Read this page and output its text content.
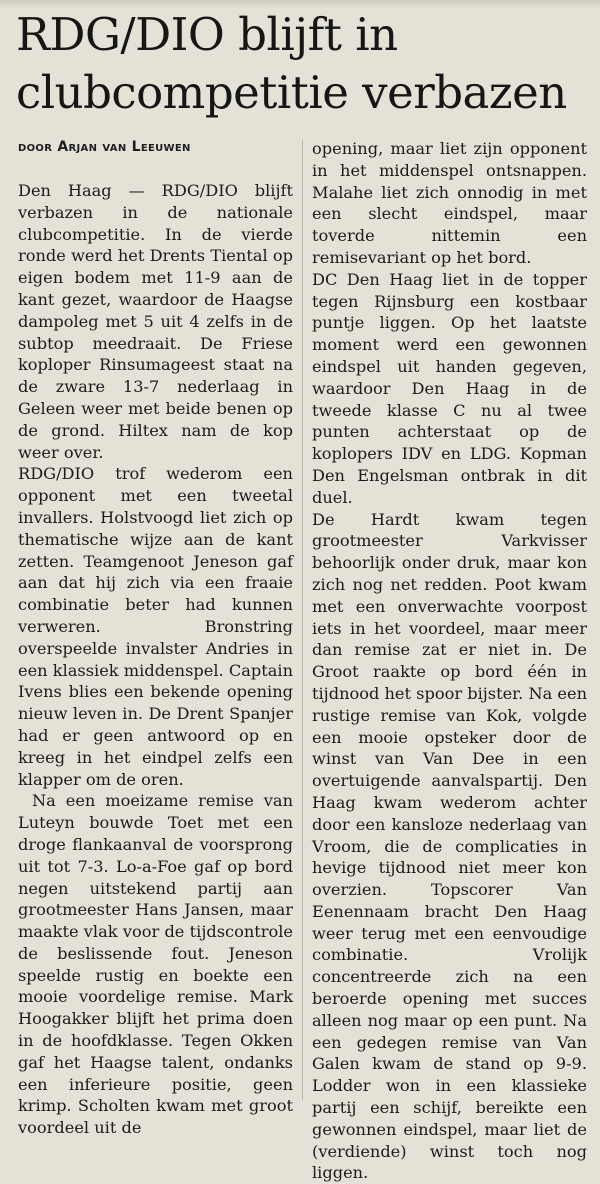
RDG/DIO blijft in clubcompetitie verbazen
door Arjan van Leeuwen

Den Haag — RDG/DIO blijft verbazen in de nationale clubcompetitie. In de vierde ronde werd het Drents Tiental op eigen bodem met 11-9 aan de kant gezet, waardoor de Haagse dampoleg met 5 uit 4 zelfs in de subtop meedraait. De Friese koploper Rinsumageest staat na de zware 13-7 nederlaag in Geleen weer met beide benen op de grond. Hiltex nam de kop weer over.

RDG/DIO trof wederom een opponent met een tweetal invallers. Holstvoogd liet zich op thematische wijze aan de kant zetten. Teamgenoot Jeneson gaf aan dat hij zich via een fraaie combinatie beter had kunnen verweren. Bronstring overspeelde invalster Andries in een klassiek middenspel. Captain Ivens blies een bekende opening nieuw leven in. De Drent Spanjer had er geen antwoord op en kreeg in het eindpel zelfs een klapper om de oren.

Na een moeizame remise van Luteyn bouwde Toet met een droge flankaanval de voorsprong uit tot 7-3. Lo-a-Foe gaf op bord negen uitstekend partij aan grootmeester Hans Jansen, maar maakte vlak voor de tijdscontrole de beslissende fout. Jeneson speelde rustig en boekte een mooie voordelige remise. Mark Hoogakker blijft het prima doen in de hoofdklasse. Tegen Okken gaf het Haagse talent, ondanks een inferieure positie, geen krimp. Scholten kwam met groot voordeel uit de

opening, maar liet zijn opponent in het middenspel ontsnappen. Malahe liet zich onnodig in met een slecht eindspel, maar toverde nittemin een remisevariant op het bord.

DC Den Haag liet in de topper tegen Rijnsburg een kostbaar puntje liggen. Op het laatste moment werd een gewonnen eindspel uit handen gegeven, waardoor Den Haag in de tweede klasse C nu al twee punten achterstaat op de koplopers IDV en LDG. Kopman Den Engelsman ontbrak in dit duel.

De Hardt kwam tegen grootmeester Varkvisser behoorlijk onder druk, maar kon zich nog net redden. Poot kwam met een onverwachte voorpost iets in het voordeel, maar meer dan remise zat er niet in. De Groot raakte op bord één in tijdnood het spoor bijster. Na een rustige remise van Kok, volgde een mooie opsteker door de winst van Van Dee in een overtuigende aanvalspartij. Den Haag kwam wederom achter door een kansloze nederlaag van Vroom, die de complicaties in hevige tijdnood niet meer kon overzien. Topscorer Van Eenennaam bracht Den Haag weer terug met een eenvoudige combinatie. Vrolijk concentreerde zich na een beroerde opening met succes alleen nog maar op een punt. Na een gedegen remise van Van Galen kwam de stand op 9-9. Lodder won in een klassieke partij een schijf, bereikte een gewonnen eindspel, maar liet de (verdiende) winst toch nog liggen.
